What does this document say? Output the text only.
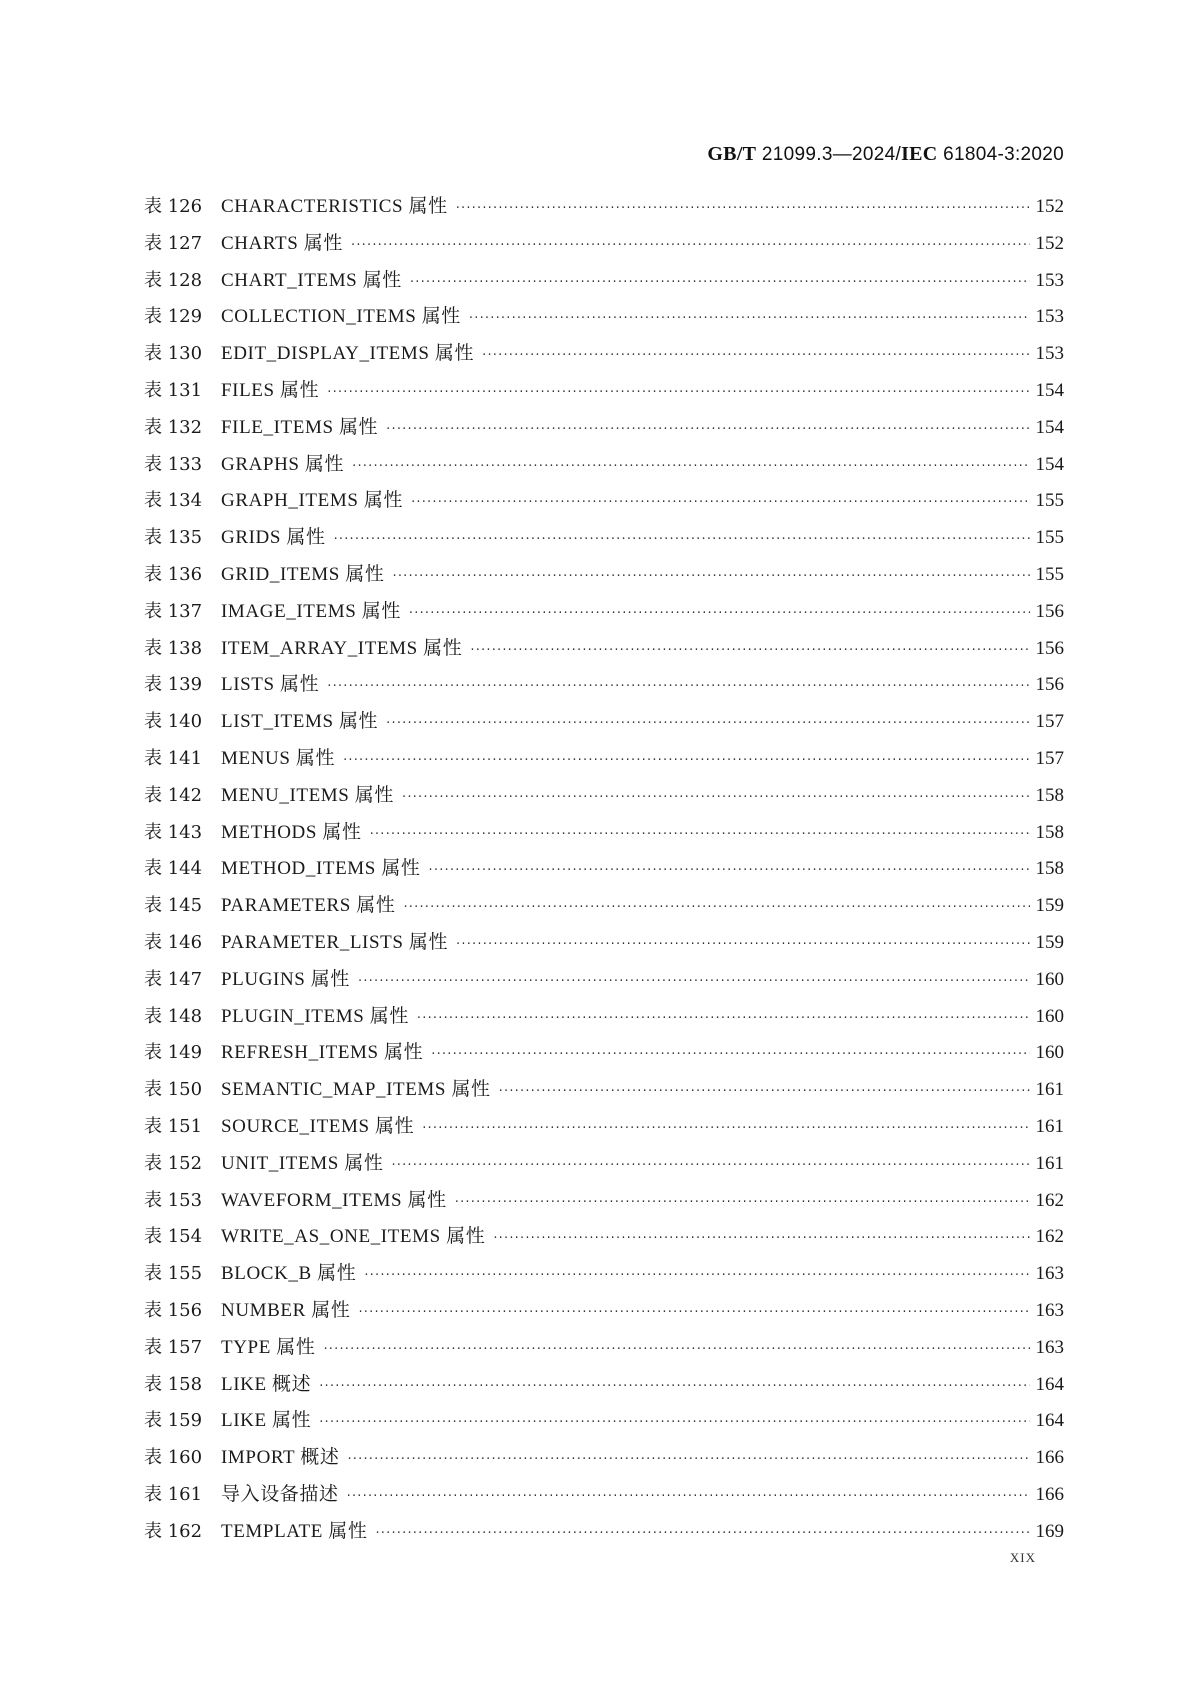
GB/T 21099.3—2024/IEC 61804-3:2020
表 126 CHARACTERISTICS 属性 ·····	152
表 127 CHARTS 属性 ·····	152
表 128 CHART_ITEMS 属性 ·····	153
表 129 COLLECTION_ITEMS 属性 ·····	153
表 130 EDIT_DISPLAY_ITEMS 属性 ·····	153
表 131 FILES 属性 ·····	154
表 132 FILE_ITEMS 属性 ·····	154
表 133 GRAPHS 属性 ·····	154
表 134 GRAPH_ITEMS 属性 ·····	155
表 135 GRIDS 属性 ·····	155
表 136 GRID_ITEMS 属性 ·····	155
表 137 IMAGE_ITEMS 属性 ·····	156
表 138 ITEM_ARRAY_ITEMS 属性 ·····	156
表 139 LISTS 属性 ·····	156
表 140 LIST_ITEMS 属性 ·····	157
表 141 MENUS 属性 ·····	157
表 142 MENU_ITEMS 属性 ·····	158
表 143 METHODS 属性 ·····	158
表 144 METHOD_ITEMS 属性 ·····	158
表 145 PARAMETERS 属性 ·····	159
表 146 PARAMETER_LISTS 属性 ·····	159
表 147 PLUGINS 属性 ·····	160
表 148 PLUGIN_ITEMS 属性 ·····	160
表 149 REFRESH_ITEMS 属性 ·····	160
表 150 SEMANTIC_MAP_ITEMS 属性 ·····	161
表 151 SOURCE_ITEMS 属性 ·····	161
表 152 UNIT_ITEMS 属性 ·····	161
表 153 WAVEFORM_ITEMS 属性 ·····	162
表 154 WRITE_AS_ONE_ITEMS 属性 ·····	162
表 155 BLOCK_B 属性 ·····	163
表 156 NUMBER 属性 ·····	163
表 157 TYPE 属性 ·····	163
表 158 LIKE 概述 ·····	164
表 159 LIKE 属性 ·····	164
表 160 IMPORT 概述 ·····	166
表 161 导入设备描述 ·····	166
表 162 TEMPLATE 属性 ·····	169
XIX
